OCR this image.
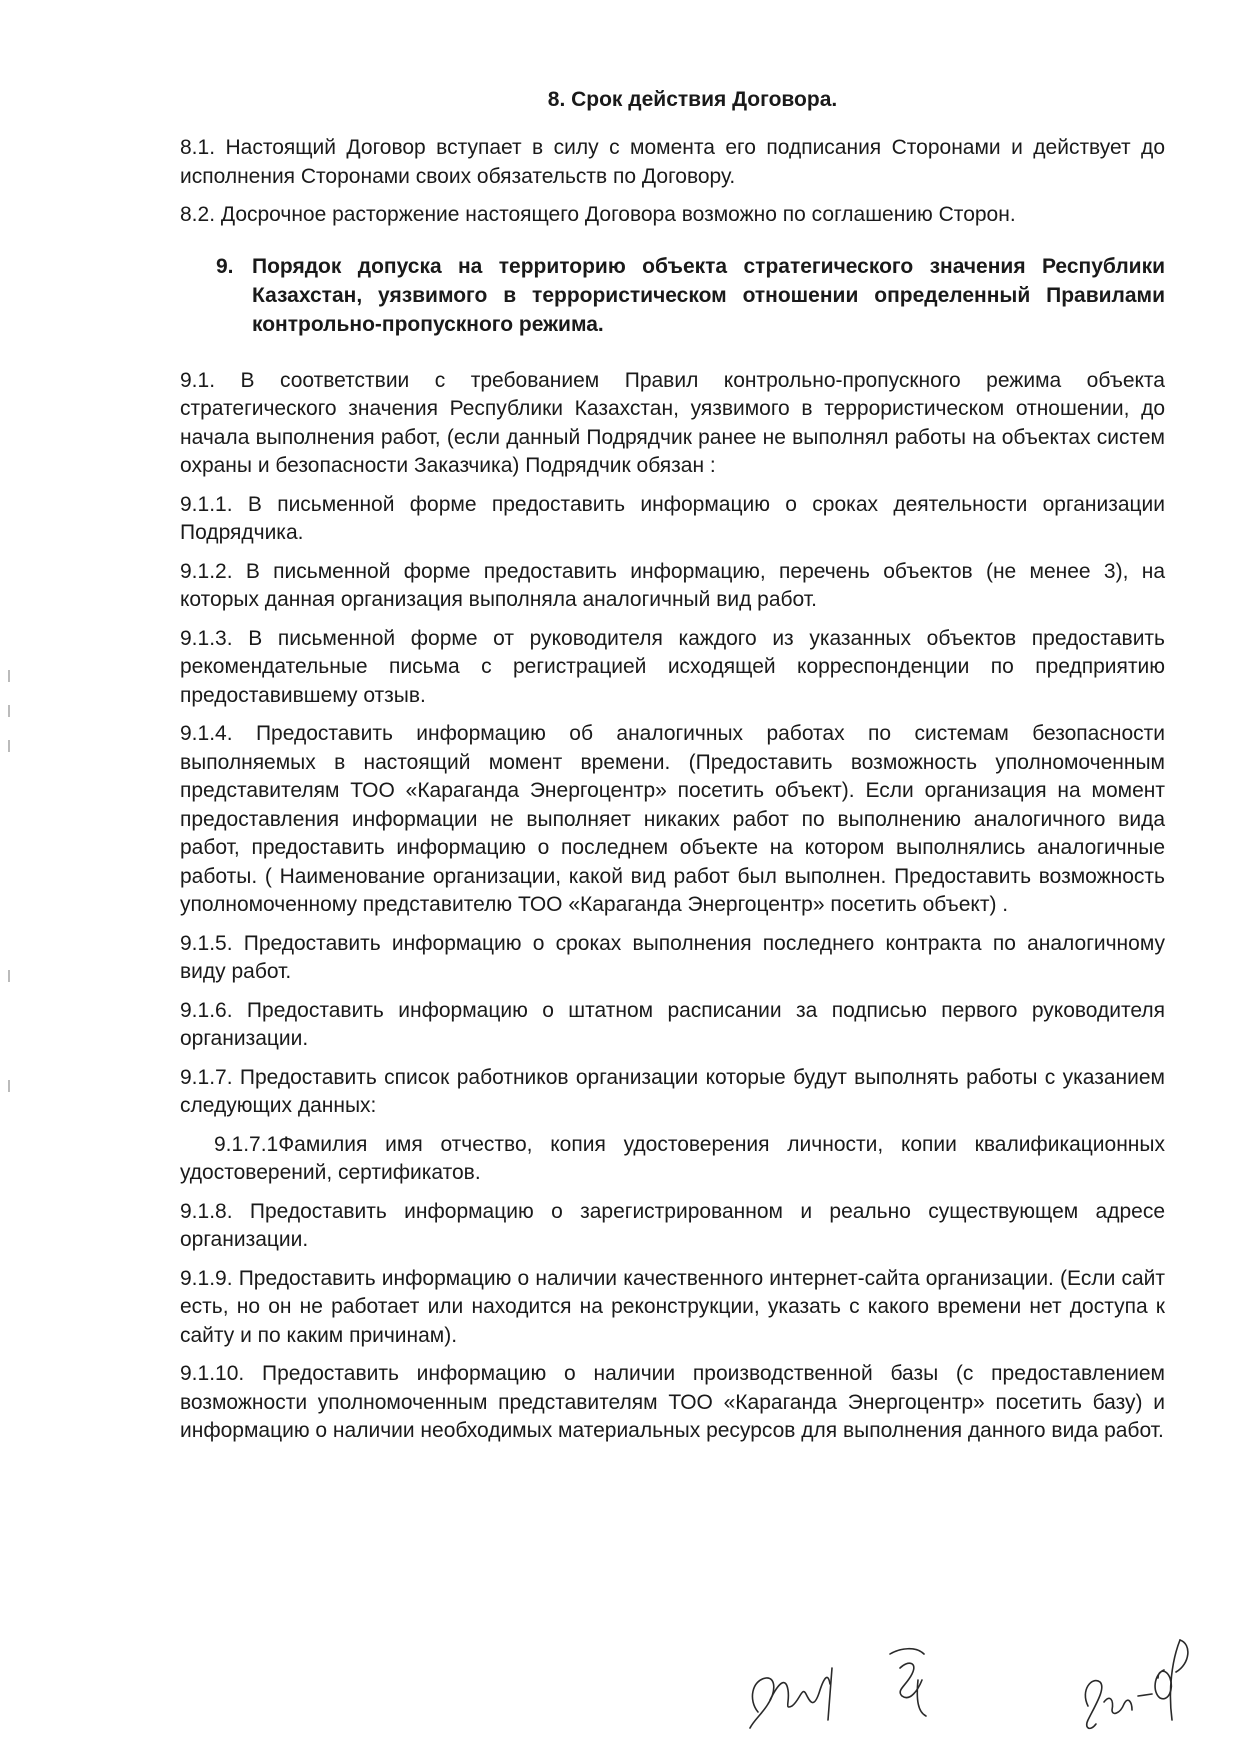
8. Срок действия Договора.

8.1. Настоящий Договор вступает в силу с момента его подписания Сторонами и действует до исполнения Сторонами своих обязательств по Договору.

8.2. Досрочное расторжение настоящего Договора возможно по соглашению Сторон.

9. Порядок допуска на территорию объекта стратегического значения Республики Казахстан, уязвимого в террористическом отношении определенный Правилами контрольно-пропускного режима.

9.1. В соответствии с требованием Правил контрольно-пропускного режима объекта стратегического значения Республики Казахстан, уязвимого в террористическом отношении, до начала выполнения работ, (если данный Подрядчик ранее не выполнял работы на объектах систем охраны и безопасности Заказчика) Подрядчик обязан :

9.1.1. В письменной форме предоставить информацию о сроках деятельности организации Подрядчика.

9.1.2. В письменной форме предоставить информацию, перечень объектов (не менее 3), на которых данная организация выполняла аналогичный вид работ.

9.1.3. В письменной форме от руководителя каждого из указанных объектов предоставить рекомендательные письма с регистрацией исходящей корреспонденции по предприятию предоставившему отзыв.

9.1.4. Предоставить информацию об аналогичных работах по системам безопасности выполняемых в настоящий момент времени. (Предоставить возможность уполномоченным представителям ТОО «Караганда Энергоцентр» посетить объект). Если организация на момент предоставления информации не выполняет никаких работ по выполнению аналогичного вида работ, предоставить информацию о последнем объекте на котором выполнялись аналогичные работы. ( Наименование организации, какой вид работ был выполнен. Предоставить возможность уполномоченному представителю ТОО «Караганда Энергоцентр» посетить объект) .

9.1.5. Предоставить информацию о сроках выполнения последнего контракта по аналогичному виду работ.

9.1.6. Предоставить информацию о штатном расписании за подписью первого руководителя организации.

9.1.7. Предоставить список работников организации которые будут выполнять работы с указанием следующих данных:

9.1.7.1Фамилия имя отчество, копия удостоверения личности, копии квалификационных удостоверений, сертификатов.

9.1.8. Предоставить информацию о зарегистрированном и реально существующем адресе организации.

9.1.9. Предоставить информацию о наличии качественного интернет-сайта организации. (Если сайт есть, но он не работает или находится на реконструкции, указать с какого времени нет доступа к сайту и по каким причинам).

9.1.10. Предоставить информацию о наличии производственной базы (с предоставлением возможности уполномоченным представителям ТОО «Караганда Энергоцентр» посетить базу) и информацию о наличии необходимых материальных ресурсов для выполнения данного вида работ.
